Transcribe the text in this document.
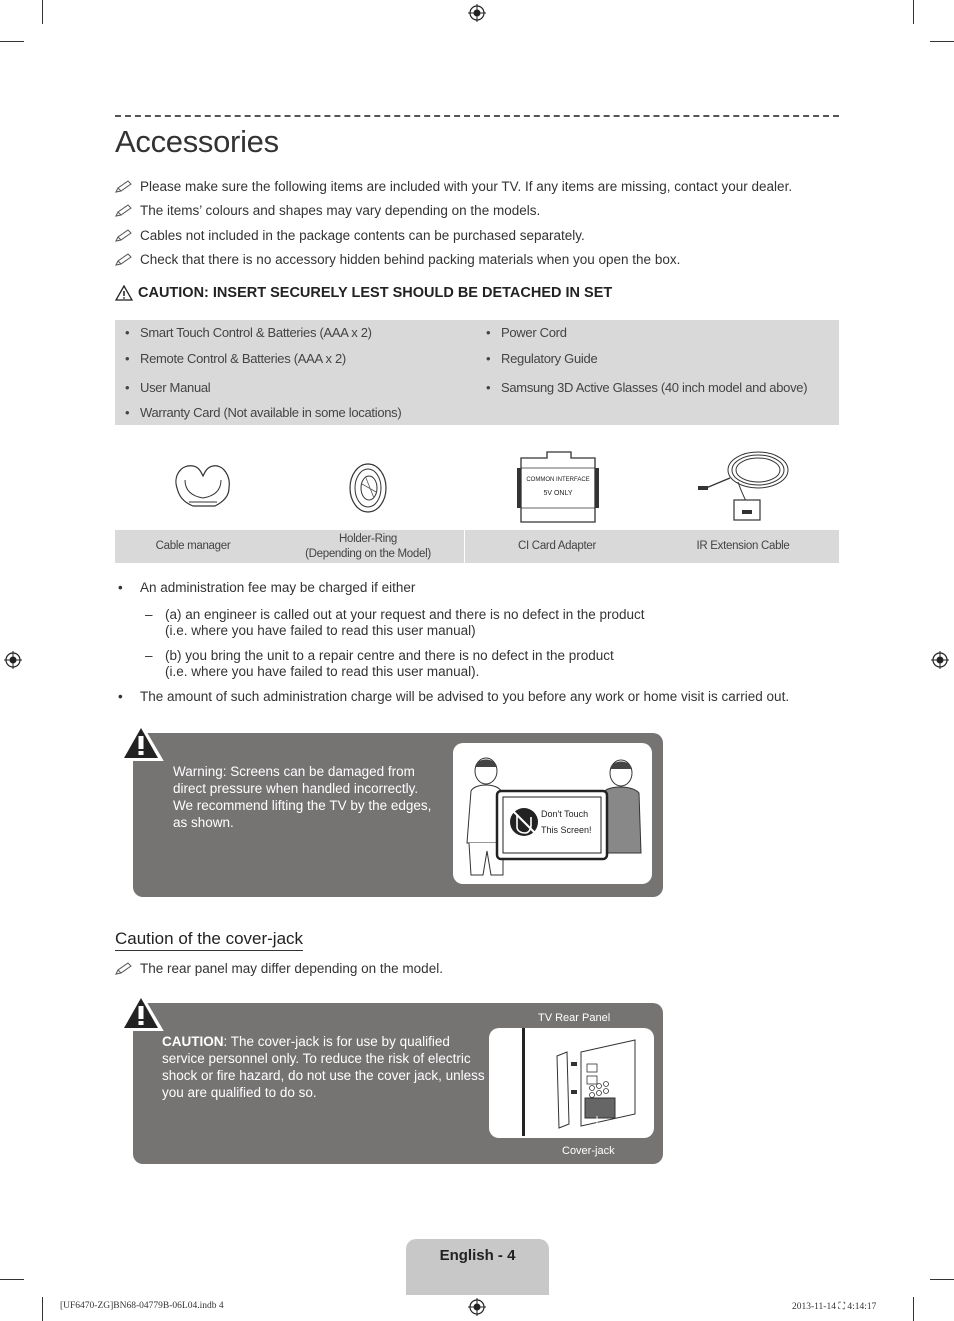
Accessories
Please make sure the following items are included with your TV. If any items are missing, contact your dealer.
The items’ colours and shapes may vary depending on the models.
Cables not included in the package contents can be purchased separately.
Check that there is no accessory hidden behind packing materials when you open the box.
CAUTION: INSERT SECURELY LEST SHOULD BE DETACHED IN SET
• Smart Touch Control & Batteries (AAA x 2)
• Remote Control & Batteries (AAA x 2)
• User Manual
• Warranty Card (Not available in some locations)
• Power Cord
• Regulatory Guide
• Samsung 3D Active Glasses (40 inch model and above)
COMMON INTERFACE
5V ONLY
Cable manager
Holder-Ring
(Depending on the Model)
CI Card Adapter	IR Extension Cable
• An administration fee may be charged if either
– (a) an engineer is called out at your request and there is no defect in the product
(i.e. where you have failed to read this user manual)
– (b) you bring the unit to a repair centre and there is no defect in the product
(i.e. where you have failed to read this user manual).
• The amount of such administration charge will be advised to you before any work or home visit is carried out.
Warning: Screens can be damaged from
direct pressure when handled incorrectly.
We recommend lifting the TV by the edges,
as shown.
Don't Touch
This Screen!
Caution of the cover-jack
The rear panel may differ depending on the model.
CAUTION: The cover-jack is for use by qualified
service personnel only. To reduce the risk of electric
shock or fire hazard, do not use the cover jack, unless
you are qualified to do so.
TV Rear Panel
Cover-jack
English - 4
[UF6470-ZG]BN68-04779B-06L04.indb 4	2013-11-14 ⛶ 4:14:17
